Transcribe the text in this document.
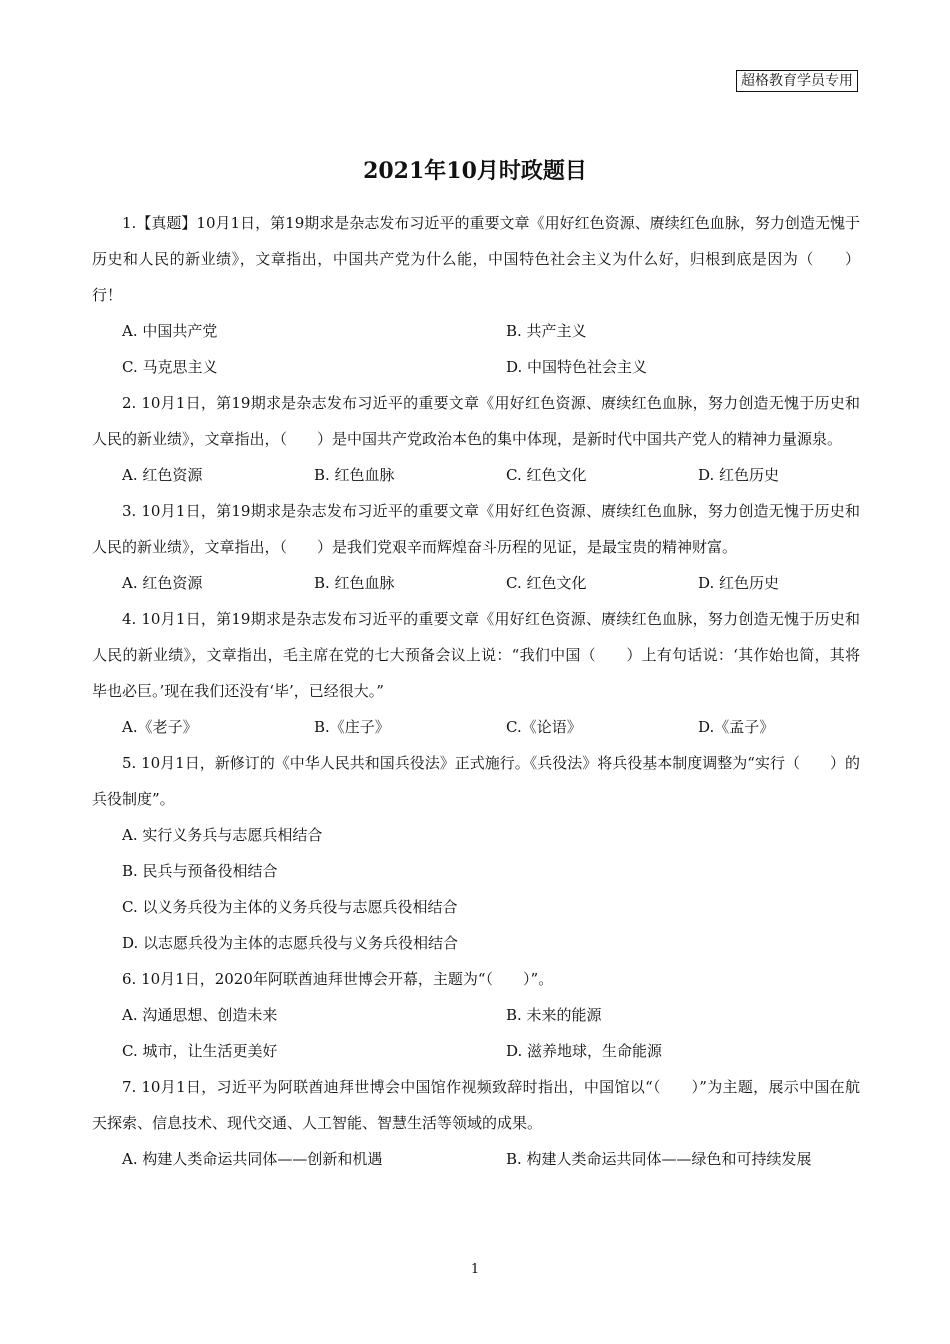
超格教育学员专用
2021年10月时政题目

1.【真题】10月1日，第19期求是杂志发布习近平的重要文章《用好红色资源、赓续红色血脉，努力创造无愧于历史和人民的新业绩》，文章指出，中国共产党为什么能，中国特色社会主义为什么好，归根到底是因为（　　）行！

A. 中国共产党	B. 共产主义
C. 马克思主义	D. 中国特色社会主义

2. 10月1日，第19期求是杂志发布习近平的重要文章《用好红色资源、赓续红色血脉，努力创造无愧于历史和人民的新业绩》，文章指出，（　　）是中国共产党政治本色的集中体现，是新时代中国共产党人的精神力量源泉。

A. 红色资源	B. 红色血脉	C. 红色文化	D. 红色历史

3. 10月1日，第19期求是杂志发布习近平的重要文章《用好红色资源、赓续红色血脉，努力创造无愧于历史和人民的新业绩》，文章指出，（　　）是我们党艰辛而辉煌奋斗历程的见证，是最宝贵的精神财富。

A. 红色资源	B. 红色血脉	C. 红色文化	D. 红色历史

4. 10月1日，第19期求是杂志发布习近平的重要文章《用好红色资源、赓续红色血脉，努力创造无愧于历史和人民的新业绩》，文章指出，毛主席在党的七大预备会议上说：“我们中国（　　）上有句话说：‘其作始也简，其将毕也必巨。’现在我们还没有‘毕’，已经很大。”

A.《老子》	B.《庄子》	C.《论语》	D.《孟子》

5. 10月1日，新修订的《中华人民共和国兵役法》正式施行。《兵役法》将兵役基本制度调整为“实行（　　）的兵役制度”。

A. 实行义务兵与志愿兵相结合
B. 民兵与预备役相结合
C. 以义务兵役为主体的义务兵役与志愿兵役相结合
D. 以志愿兵役为主体的志愿兵役与义务兵役相结合

6. 10月1日，2020年阿联酋迪拜世博会开幕，主题为“（　　）”。

A. 沟通思想、创造未来	B. 未来的能源
C. 城市，让生活更美好	D. 滋养地球，生命能源

7. 10月1日，习近平为阿联酋迪拜世博会中国馆作视频致辞时指出，中国馆以“（　　）”为主题，展示中国在航天探索、信息技术、现代交通、人工智能、智慧生活等领域的成果。

A. 构建人类命运共同体——创新和机遇	B. 构建人类命运共同体——绿色和可持续发展
1
